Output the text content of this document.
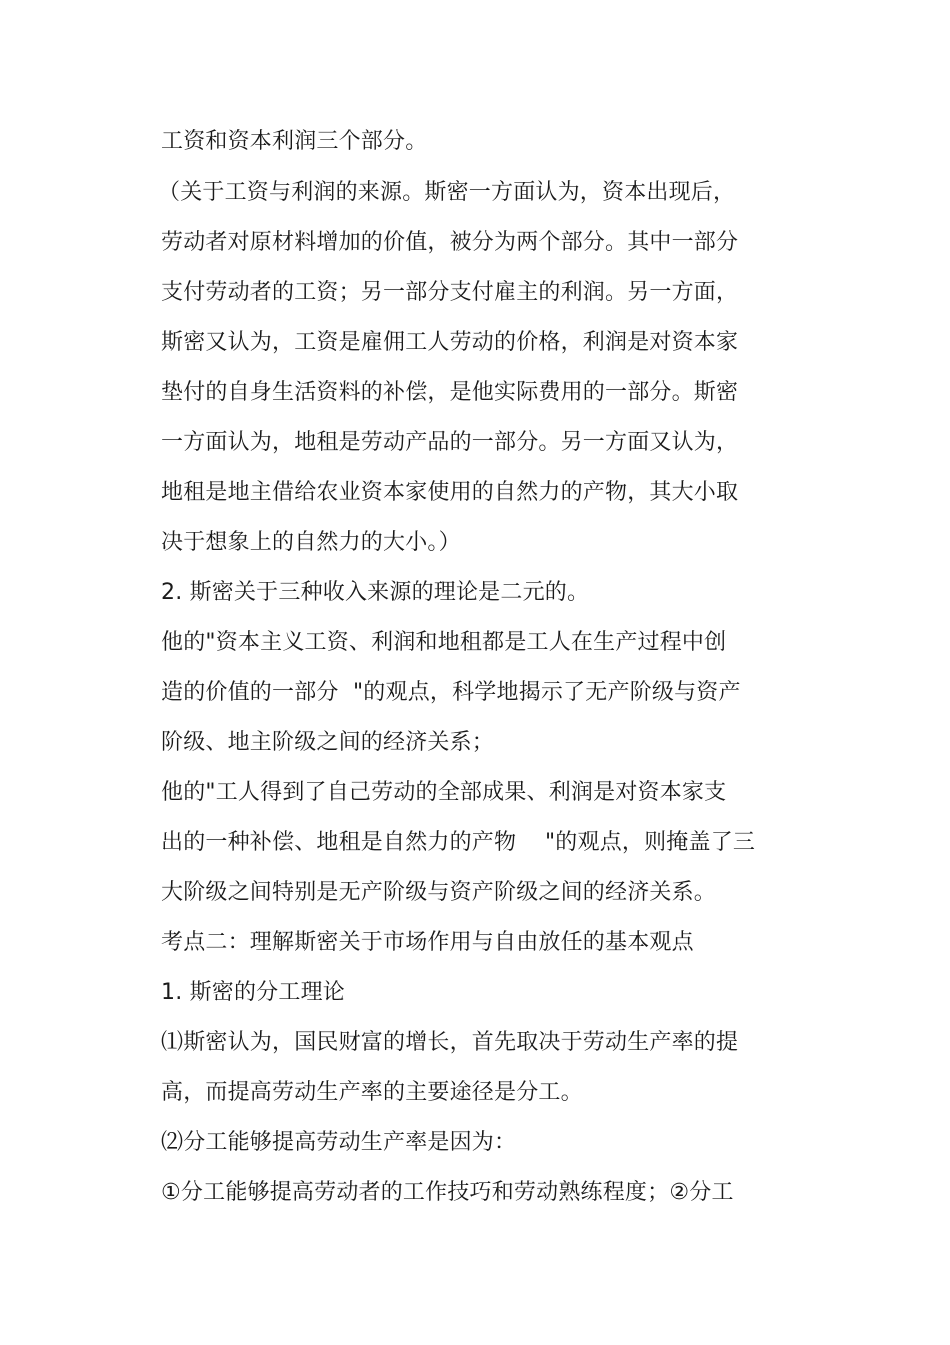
工资和资本利润三个部分。
（关于工资与利润的来源。斯密一方面认为，资本出现后，
劳动者对原材料增加的价值，被分为两个部分。其中一部分
支付劳动者的工资；另一部分支付雇主的利润。另一方面，
斯密又认为，工资是雇佣工人劳动的价格，利润是对资本家
垫付的自身生活资料的补偿，是他实际费用的一部分。斯密
一方面认为，地租是劳动产品的一部分。另一方面又认为，
地租是地主借给农业资本家使用的自然力的产物，其大小取
决于想象上的自然力的大小。）
2. 斯密关于三种收入来源的理论是二元的。
他的"资本主义工资、利润和地租都是工人在生产过程中创
造的价值的一部分  "的观点，科学地揭示了无产阶级与资产
阶级、地主阶级之间的经济关系；
他的"工人得到了自己劳动的全部成果、利润是对资本家支
出的一种补偿、地租是自然力的产物    "的观点，则掩盖了三
大阶级之间特别是无产阶级与资产阶级之间的经济关系。
考点二：理解斯密关于市场作用与自由放任的基本观点
1. 斯密的分工理论
⑴斯密认为，国民财富的增长，首先取决于劳动生产率的提
高，而提高劳动生产率的主要途径是分工。
⑵分工能够提高劳动生产率是因为：
①分工能够提高劳动者的工作技巧和劳动熟练程度；②分工
